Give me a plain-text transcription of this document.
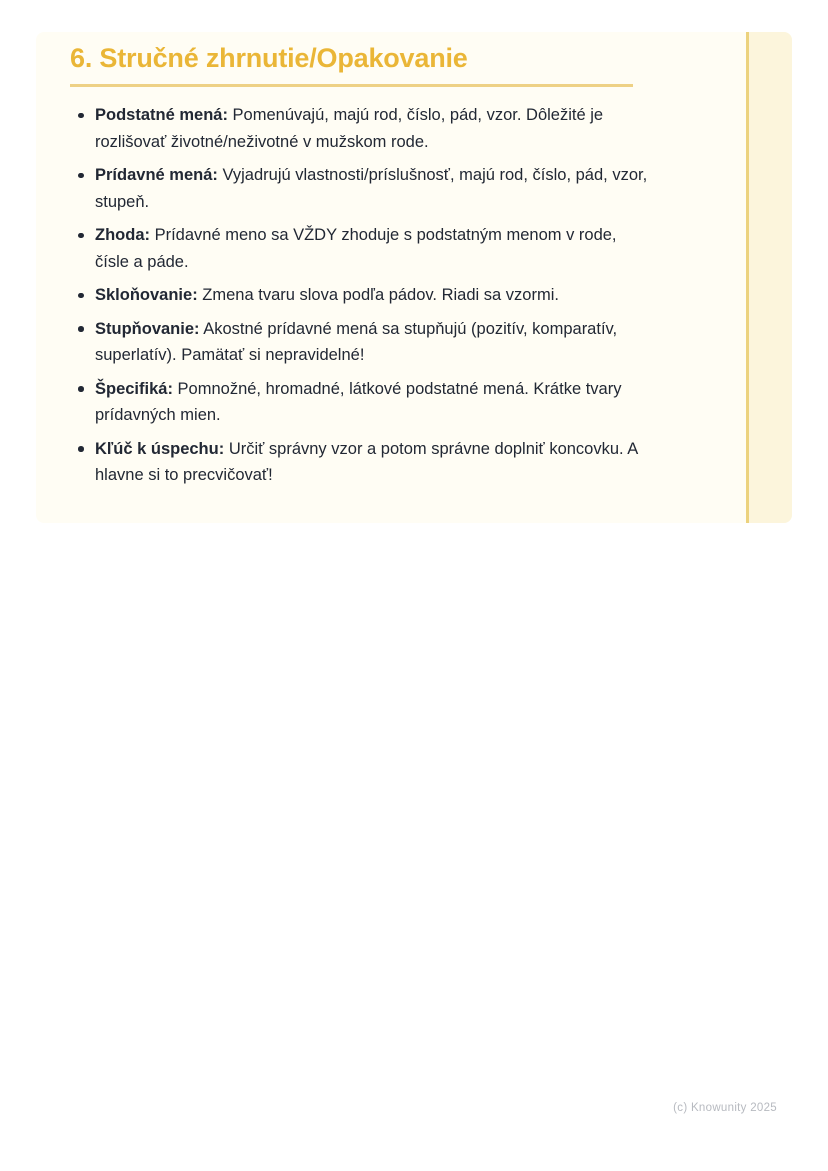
6. Stručné zhrnutie/Opakovanie
Podstatné mená: Pomenúvajú, majú rod, číslo, pád, vzor. Dôležité je rozlišovať životné/neživotné v mužskom rode.
Prídavné mená: Vyjadrujú vlastnosti/príslušnosť, majú rod, číslo, pád, vzor, stupeň.
Zhoda: Prídavné meno sa VŽDY zhoduje s podstatným menom v rode, čísle a páde.
Skloňovanie: Zmena tvaru slova podľa pádov. Riadi sa vzormi.
Stupňovanie: Akostné prídavné mená sa stupňujú (pozitív, komparatív, superlatív). Pamätať si nepravidelné!
Špecifiká: Pomnožné, hromadné, látkové podstatné mená. Krátke tvary prídavných mien.
Kľúč k úspechu: Určiť správny vzor a potom správne doplniť koncovku. A hlavne si to precvičovať!
(c) Knowunity 2025
